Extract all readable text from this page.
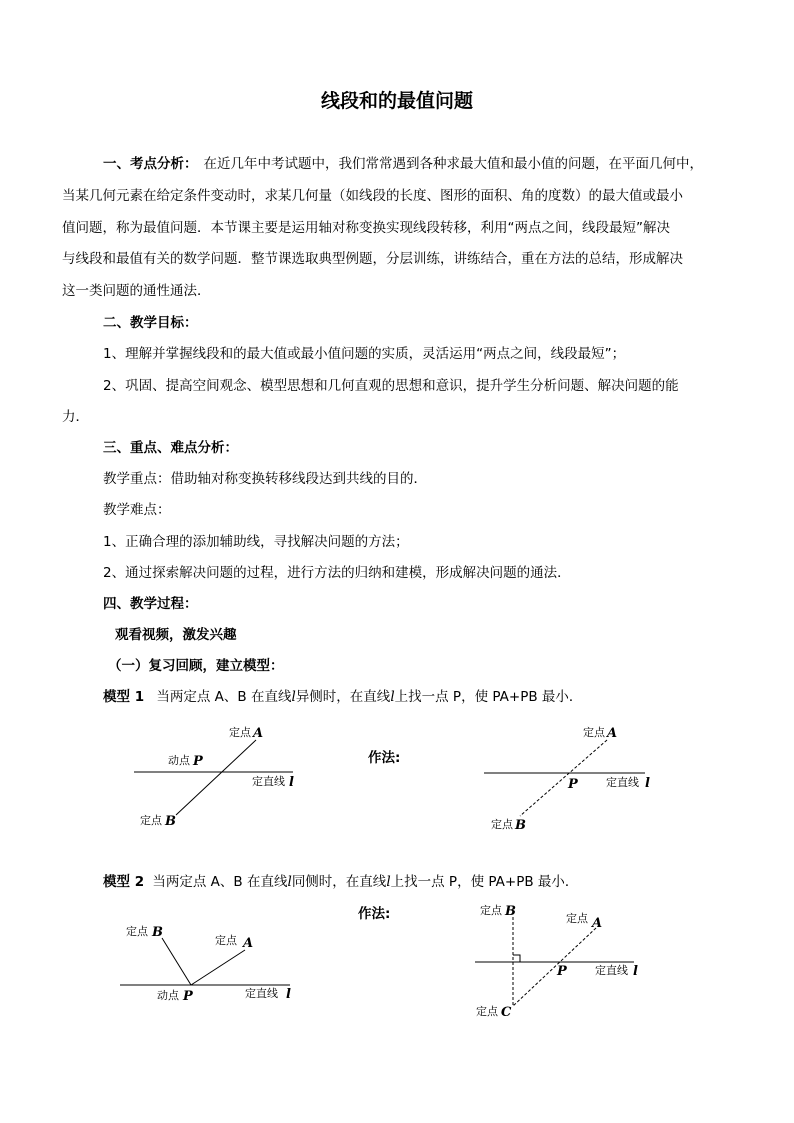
线段和的最值问题
一、考点分析： 在近几年中考试题中，我们常常遇到各种求最大值和最小值的问题，在平面几何中，
当某几何元素在给定条件变动时，求某几何量（如线段的长度、图形的面积、角的度数）的最大值或最小
值问题，称为最值问题．本节课主要是运用轴对称变换实现线段转移，利用“两点之间，线段最短”解决
与线段和最值有关的数学问题．整节课选取典型例题，分层训练，讲练结合，重在方法的总结，形成解决
这一类问题的通性通法．
二、教学目标：
1、理解并掌握线段和的最大值或最小值问题的实质，灵活运用“两点之间，线段最短”；
2、巩固、提高空间观念、模型思想和几何直观的思想和意识，提升学生分析问题、解决问题的能
力．
三、重点、难点分析：
教学重点：借助轴对称变换转移线段达到共线的目的．
教学难点：
1、正确合理的添加辅助线，寻找解决问题的方法；
2、通过探索解决问题的过程，进行方法的归纳和建模，形成解决问题的通法．
四、教学过程：
观看视频，激发兴趣
（一）复习回顾，建立模型：
模型 1 当两定点 A、B 在直线l异侧时，在直线l上找一点 P，使 PA+PB 最小．
模型 2 当两定点 A、B 在直线l同侧时，在直线l上找一点 P，使 PA+PB 最小．
作法:
作法:
定点 A
动点 P
定直线 l
定点 B
定点 A
P	定直线 l
定点 B
定点 B
定点 A
动点 P	定直线 l
定点 B	定点 A
P	定直线 l
定点 C
